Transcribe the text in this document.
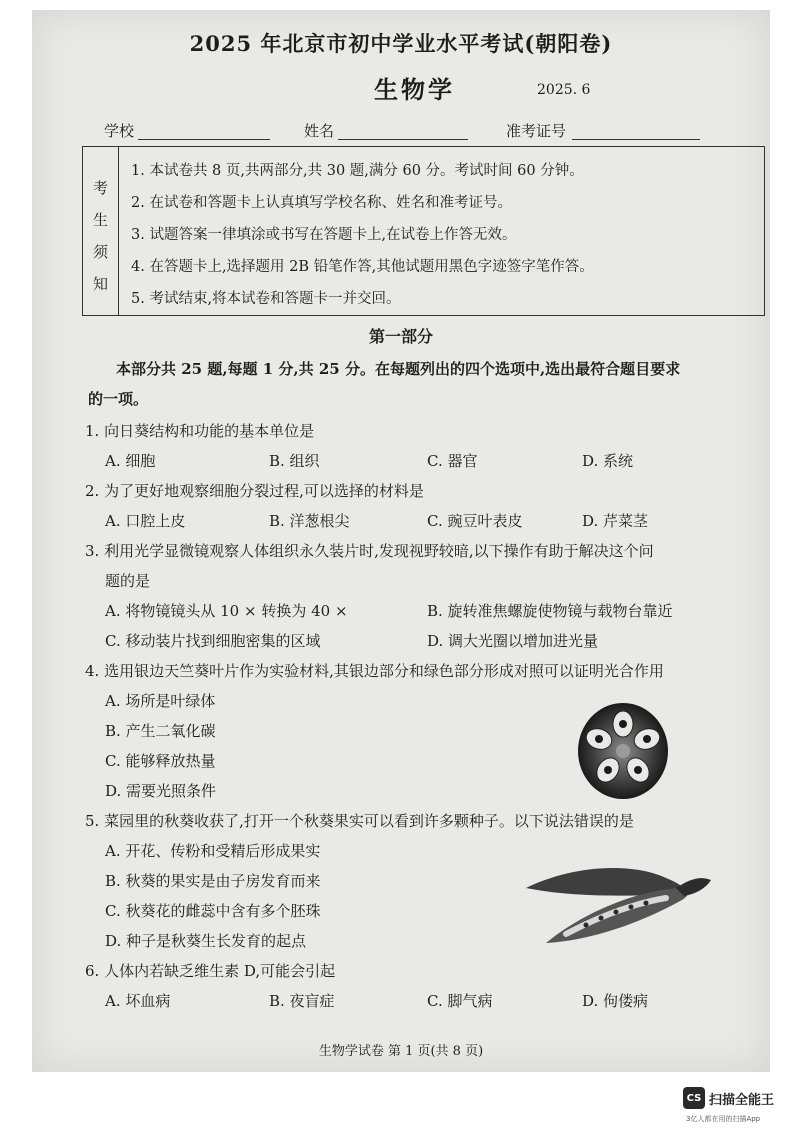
2025 年北京市初中学业水平考试(朝阳卷)
生物学	2025. 6
学校	姓名	准考证号
考
生
须
知
1. 本试卷共 8 页,共两部分,共 30 题,满分 60 分。考试时间 60 分钟。
2. 在试卷和答题卡上认真填写学校名称、姓名和准考证号。
3. 试题答案一律填涂或书写在答题卡上,在试卷上作答无效。
4. 在答题卡上,选择题用 2B 铅笔作答,其他试题用黑色字迹签字笔作答。
5. 考试结束,将本试卷和答题卡一并交回。
第一部分
本部分共 25 题,每题 1 分,共 25 分。在每题列出的四个选项中,选出最符合题目要求
的一项。
1. 向日葵结构和功能的基本单位是
A. 细胞	B. 组织	C. 器官	D. 系统
2. 为了更好地观察细胞分裂过程,可以选择的材料是
A. 口腔上皮	B. 洋葱根尖	C. 豌豆叶表皮	D. 芹菜茎
3. 利用光学显微镜观察人体组织永久装片时,发现视野较暗,以下操作有助于解决这个问
题的是
A. 将物镜镜头从 10 × 转换为 40 ×	B. 旋转准焦螺旋使物镜与载物台靠近
C. 移动装片找到细胞密集的区域	D. 调大光圈以增加进光量
4. 选用银边天竺葵叶片作为实验材料,其银边部分和绿色部分形成对照可以证明光合作用
A. 场所是叶绿体
B. 产生二氧化碳
C. 能够释放热量
D. 需要光照条件
5. 菜园里的秋葵收获了,打开一个秋葵果实可以看到许多颗种子。以下说法错误的是
A. 开花、传粉和受精后形成果实
B. 秋葵的果实是由子房发育而来
C. 秋葵花的雌蕊中含有多个胚珠
D. 种子是秋葵生长发育的起点
6. 人体内若缺乏维生素 D,可能会引起
A. 坏血病	B. 夜盲症	C. 脚气病	D. 佝偻病
生物学试卷 第 1 页(共 8 页)
CS 扫描全能王
3亿人都在用的扫描App
